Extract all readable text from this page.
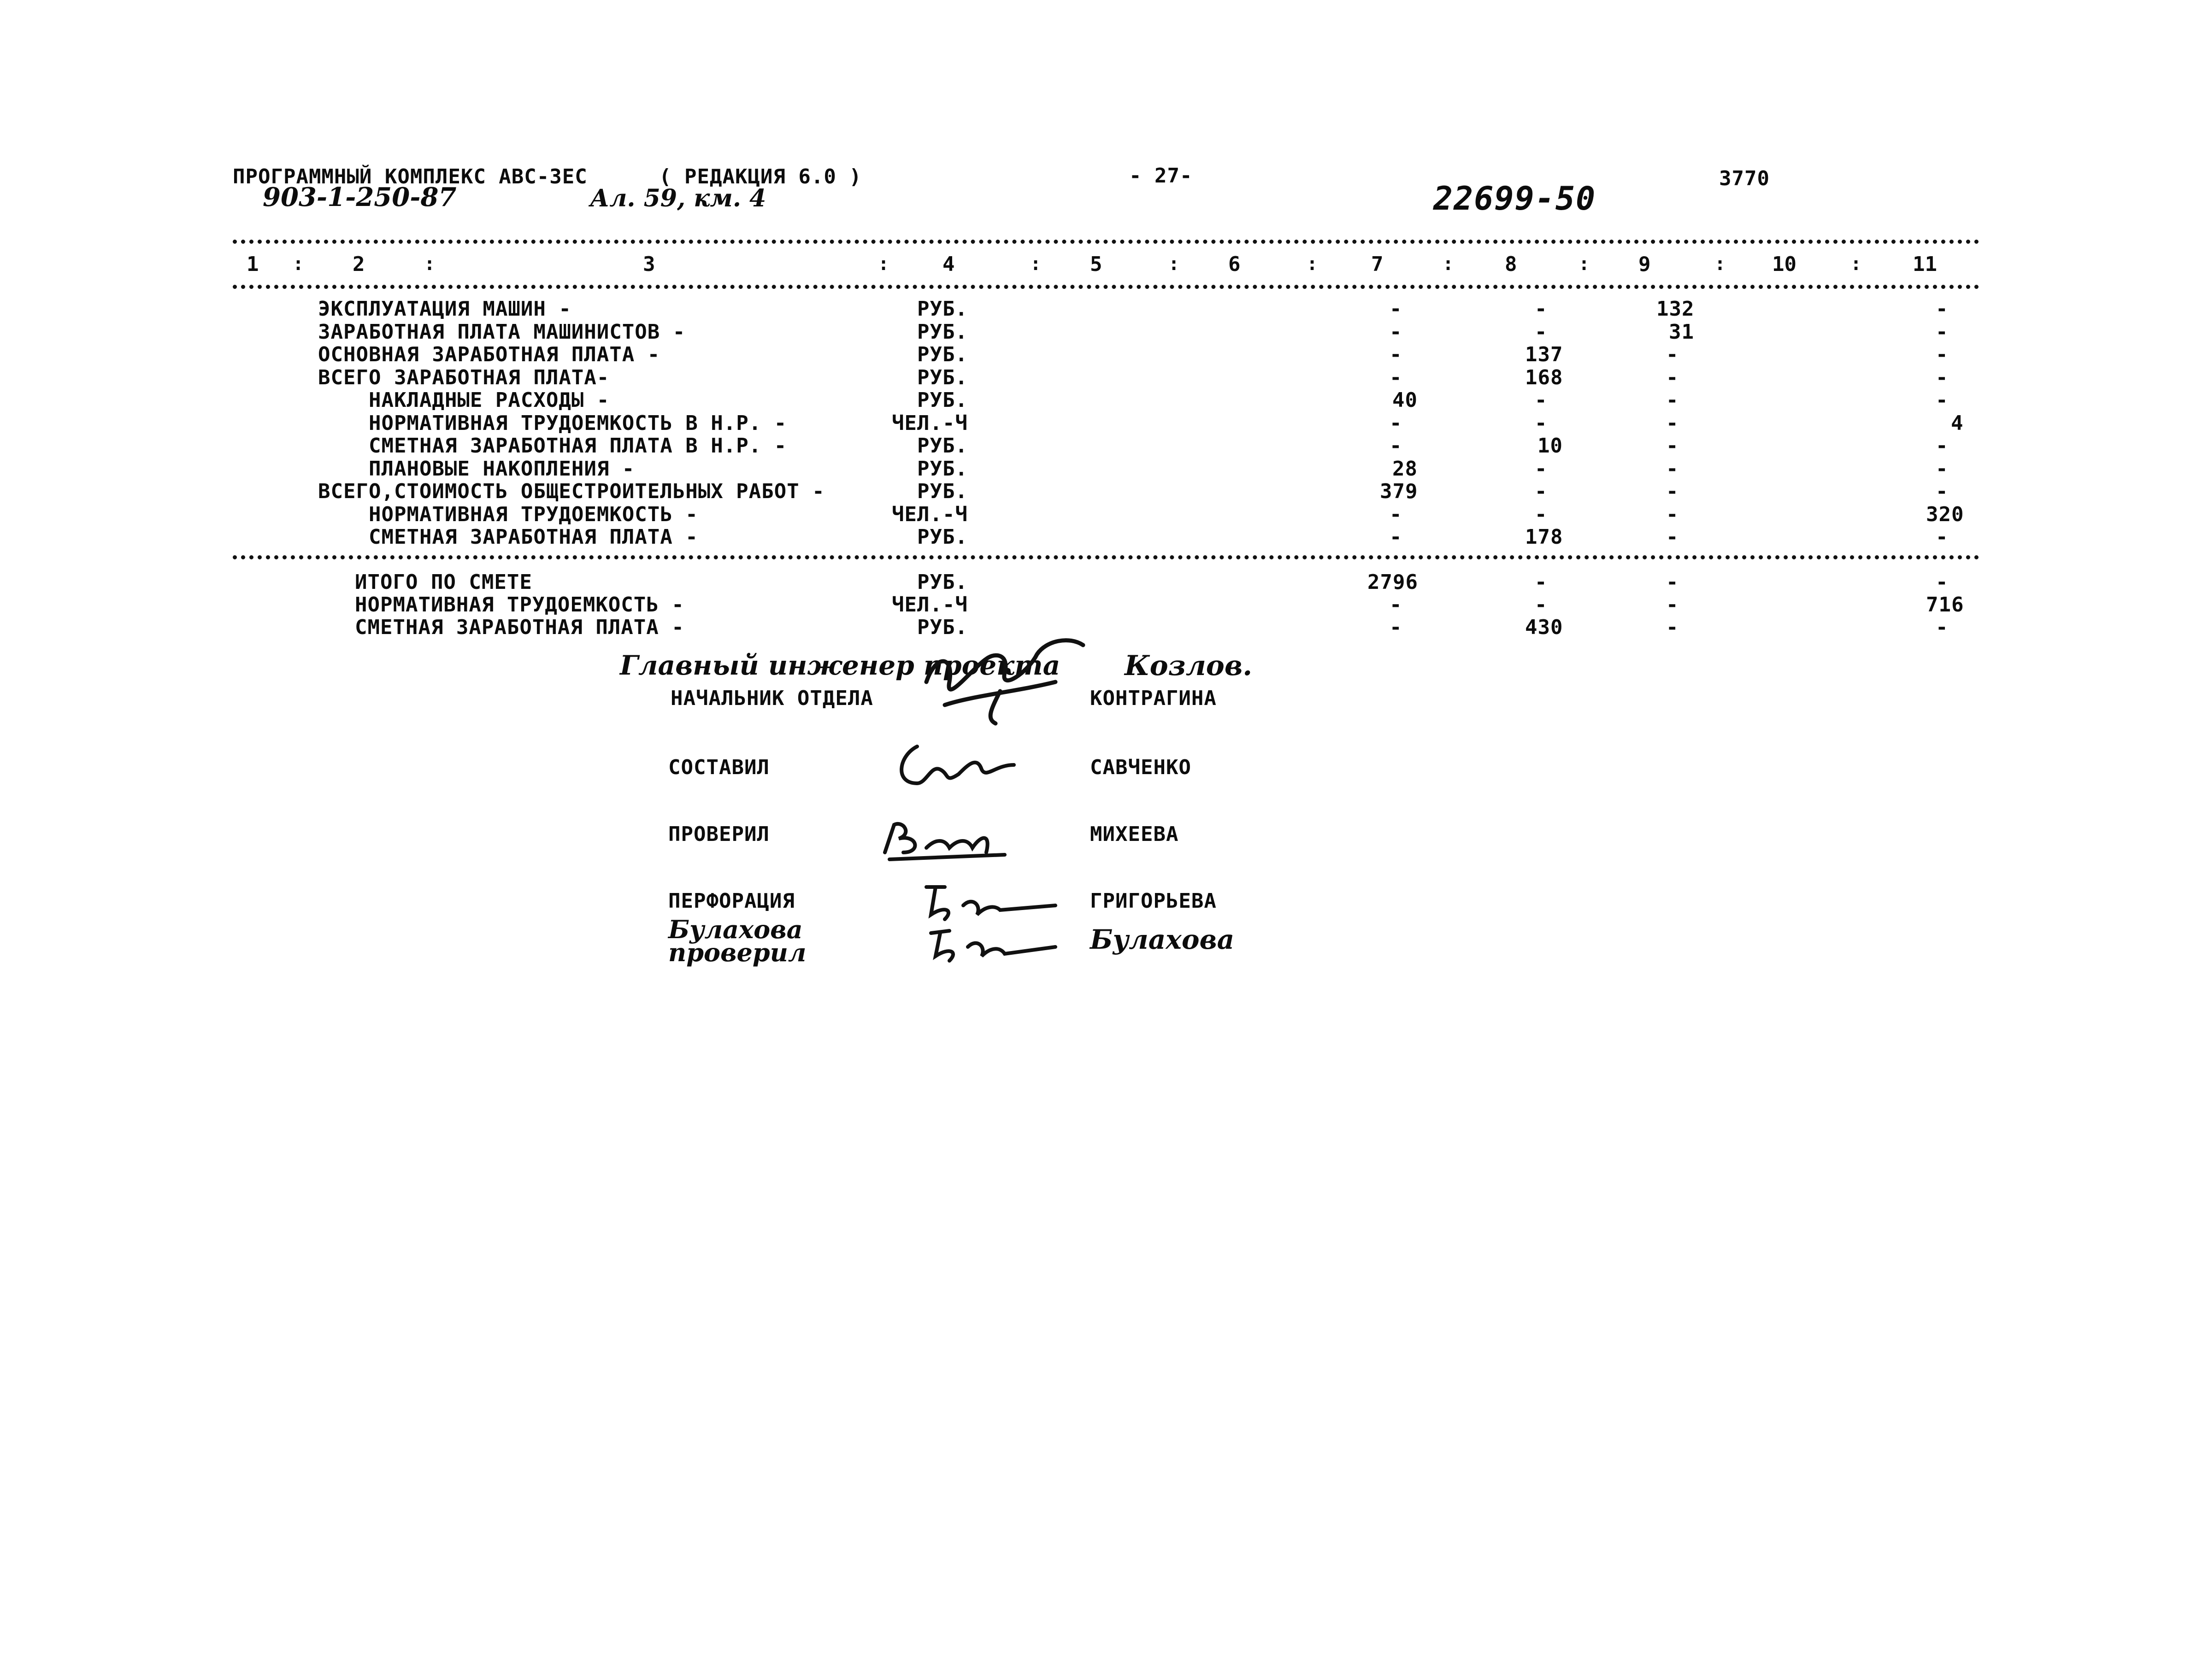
ПРОГРАММНЫЙ КОМПЛЕКС АВС-ЗЕС	( РЕДАКЦИЯ 6.0 )	- 27-	3770
22699-50
903-1-250-87	Ал. 59, км. 4
1	2	3	4	5	6	7	8	9	10	11
:	:	:	:	:	:	:	:	:	:
ЭКСПЛУАТАЦИЯ МАШИН -	РУБ.	-	-	132	-
ЗАРАБОТНАЯ ПЛАТА МАШИНИСТОВ -	РУБ.	-	-	31	-
ОСНОВНАЯ ЗАРАБОТНАЯ ПЛАТА -	РУБ.	-	137	-	-
ВСЕГО ЗАРАБОТНАЯ ПЛАТА-	РУБ.	-	168	-	-
НАКЛАДНЫЕ РАСХОДЫ -	РУБ.	40	-	-	-
НОРМАТИВНАЯ ТРУДОЕМКОСТЬ В Н.Р. -	ЧЕЛ.-Ч	-	-	-	4
СМЕТНАЯ ЗАРАБОТНАЯ ПЛАТА В Н.Р. -	РУБ.	-	10	-	-
ПЛАНОВЫЕ НАКОПЛЕНИЯ -	РУБ.	28	-	-	-
ВСЕГО,СТОИМОСТЬ ОБЩЕСТРОИТЕЛЬНЫХ РАБОТ -	РУБ.	379	-	-	-
НОРМАТИВНАЯ ТРУДОЕМКОСТЬ -	ЧЕЛ.-Ч	-	-	-	320
СМЕТНАЯ ЗАРАБОТНАЯ ПЛАТА -	РУБ.	-	178	-	-
ИТОГО ПО СМЕТЕ	РУБ.	2796	-	-	-
НОРМАТИВНАЯ ТРУДОЕМКОСТЬ -	ЧЕЛ.-Ч	-	-	-	716
СМЕТНАЯ ЗАРАБОТНАЯ ПЛАТА -	РУБ.	-	430	-	-
Главный инженер проекта Козлов.
НАЧАЛЬНИК ОТДЕЛА	КОНТРАГИНА
СОСТАВИЛ	САВЧЕНКО
ПРОВЕРИЛ	МИХЕЕВА
ПЕРФОРАЦИЯ	ГРИГОРЬЕВА
Булахова
проверил	Булахова
